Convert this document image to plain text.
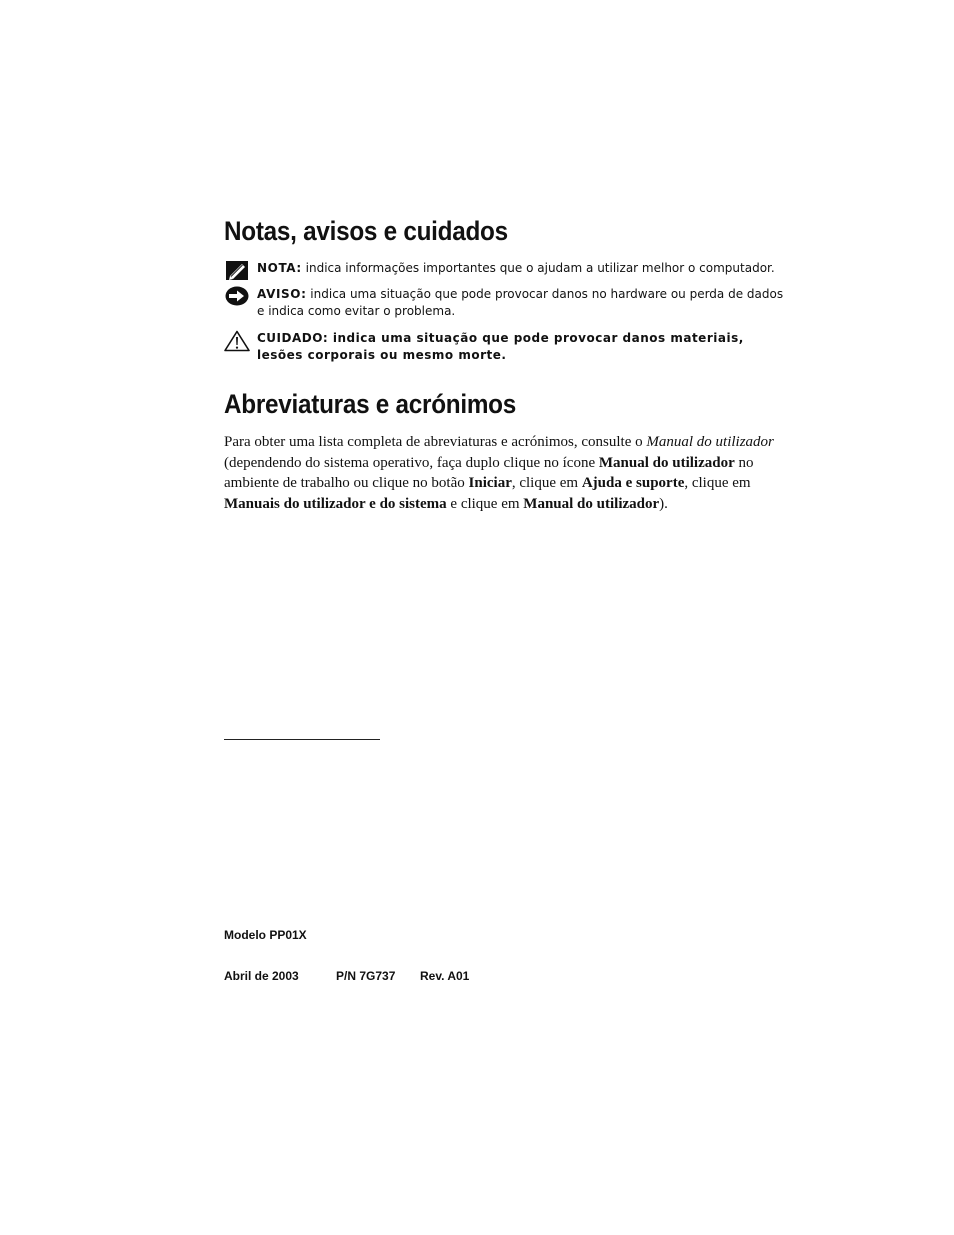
Notas, avisos e cuidados
NOTA: indica informações importantes que o ajudam a utilizar melhor o computador.
AVISO: indica uma situação que pode provocar danos no hardware ou perda de dados
e indica como evitar o problema.
CUIDADO: indica uma situação que pode provocar danos materiais,
lesões corporais ou mesmo morte.
Abreviaturas e acrónimos
Para obter uma lista completa de abreviaturas e acrónimos, consulte o Manual do utilizador
(dependendo do sistema operativo, faça duplo clique no ícone Manual do utilizador no
ambiente de trabalho ou clique no botão Iniciar, clique em Ajuda e suporte, clique em
Manuais do utilizador e do sistema e clique em Manual do utilizador).
Modelo PP01X
Abril de 2003	P/N 7G737 Rev. A01
